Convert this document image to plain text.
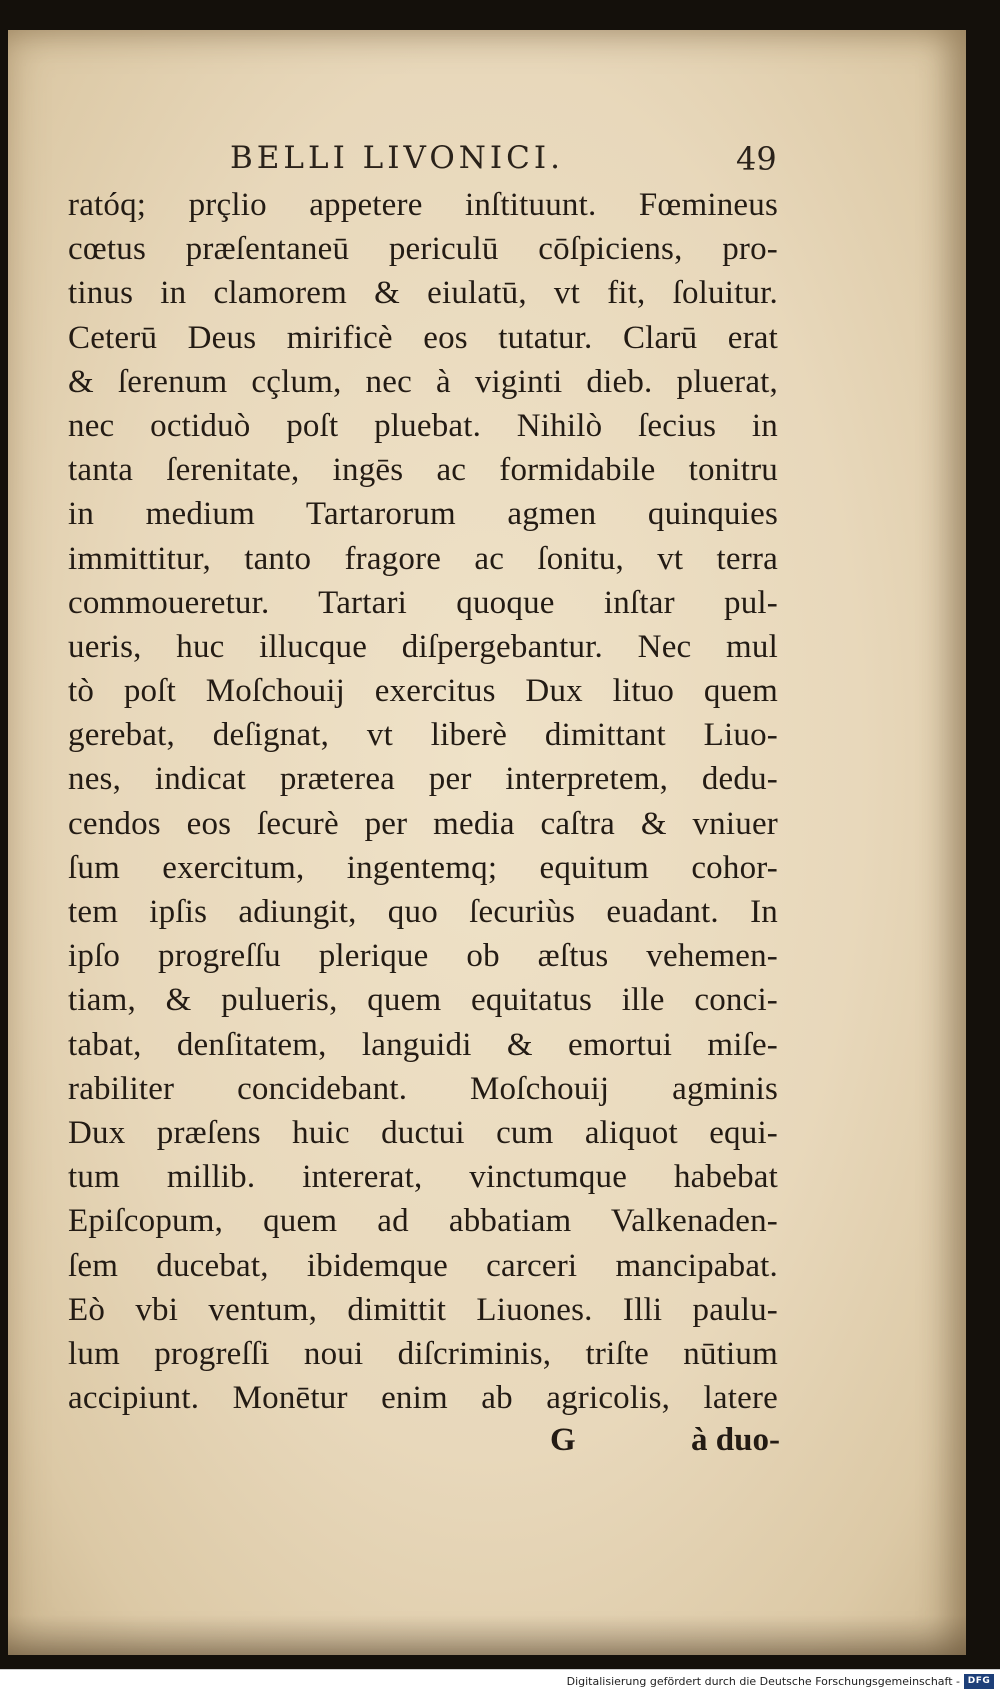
BELLI LIVONICI.	49
ratóq; prçlio appetere inſtituunt. Fœmineus
cœtus præſentaneū periculū cōſpiciens, pro-
tinus in clamorem & eiulatū, vt fit, ſoluitur.
Ceterū Deus mirificè eos tutatur. Clarū erat
& ſerenum cçlum, nec à viginti dieb. pluerat,
nec octiduò poſt pluebat. Nihilò ſecius in
tanta ſerenitate, ingēs ac formidabile tonitru
in medium Tartarorum agmen quinquies
immittitur, tanto fragore ac ſonitu, vt terra
commoueretur. Tartari quoque inſtar pul-
ueris, huc illucque diſpergebantur. Nec mul
tò poſt Moſchouij exercitus Dux lituo quem
gerebat, deſignat, vt liberè dimittant Liuo-
nes, indicat præterea per interpretem, dedu-
cendos eos ſecurè per media caſtra & vniuer
ſum exercitum, ingentemq; equitum cohor-
tem ipſis adiungit, quo ſecuriùs euadant. In
ipſo progreſſu plerique ob æſtus vehemen-
tiam, & pulueris, quem equitatus ille conci-
tabat, denſitatem, languidi & emortui miſe-
rabiliter concidebant. Moſchouij agminis
Dux præſens huic ductui cum aliquot equi-
tum millib. intererat, vinctumque habebat
Epiſcopum, quem ad abbatiam Valkenaden-
ſem ducebat, ibidemque carceri mancipabat.
Eò vbi ventum, dimittit Liuones. Illi paulu-
lum progreſſi noui diſcriminis, triſte nūtium
accipiunt. Monētur enim ab agricolis, latere
G	à duo-
Digitalisierung gefördert durch die Deutsche Forschungsgemeinschaft - DFG
